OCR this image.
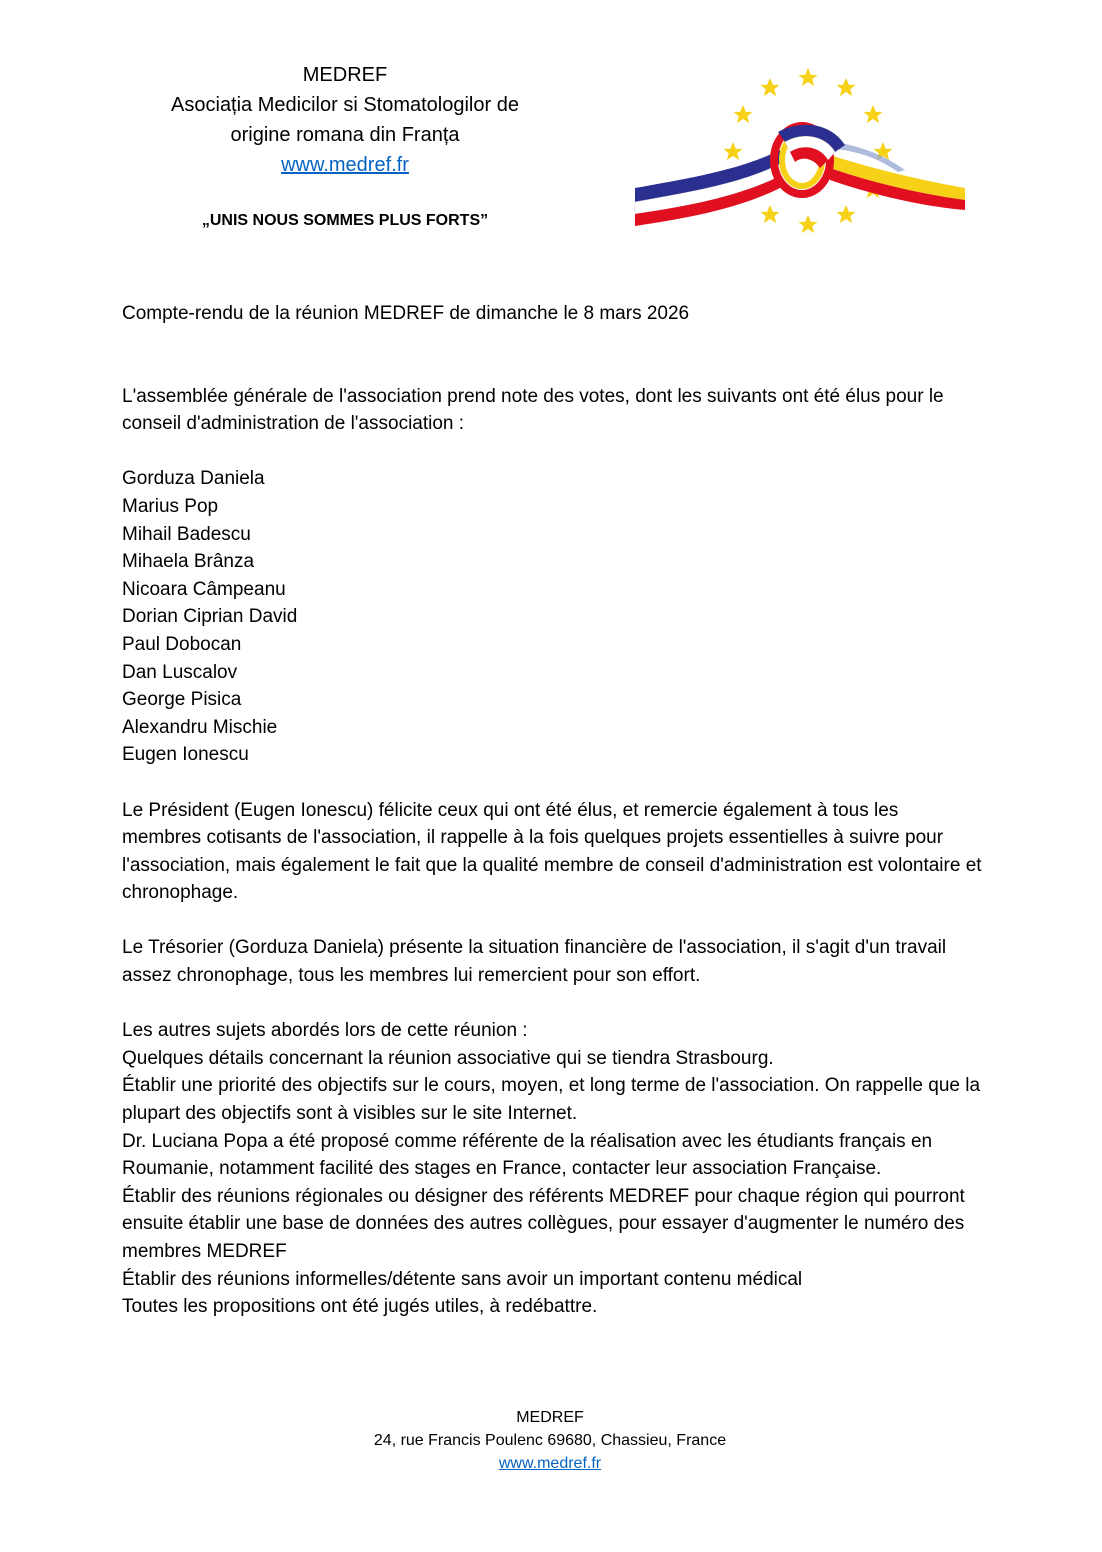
MEDREF
Asociația Medicilor si Stomatologilor de
origine romana din Franța
www.medref.fr
„UNIS NOUS SOMMES PLUS FORTS”

Compte-rendu de la réunion MEDREF de dimanche le 8 mars 2026

L'assemblée générale de l'association prend note des votes, dont les suivants ont été élus pour le conseil d'administration de l'association :

Gorduza Daniela
Marius Pop
Mihail Badescu
Mihaela Brânza
Nicoara Câmpeanu
Dorian Ciprian David
Paul Dobocan
Dan Luscalov
George Pisica
Alexandru Mischie
Eugen Ionescu

Le Président (Eugen Ionescu) félicite ceux qui ont été élus, et remercie également à tous les membres cotisants de l'association, il rappelle à la fois quelques projets essentielles à suivre pour l'association, mais également le fait que la qualité membre de conseil d'administration est volontaire et chronophage.

Le Trésorier (Gorduza Daniela) présente la situation financière de l'association, il s'agit d'un travail assez chronophage, tous les membres lui remercient pour son effort.

Les autres sujets abordés lors de cette réunion :

Quelques détails concernant la réunion associative qui se tiendra Strasbourg.

Établir une priorité des objectifs sur le cours, moyen, et long terme de l'association. On rappelle que la plupart des objectifs sont à visibles sur le site Internet.

Dr. Luciana Popa a été proposé comme référente de la réalisation avec les étudiants français en Roumanie, notamment facilité des stages en France, contacter leur association Française.

Établir des réunions régionales ou désigner des référents MEDREF pour chaque région qui pourront ensuite établir une base de données des autres collègues, pour essayer d'augmenter le numéro des membres MEDREF

Établir des réunions informelles/détente sans avoir un important contenu médical

Toutes les propositions ont été jugés utiles, à redébattre.

MEDREF
24, rue Francis Poulenc 69680, Chassieu, France
www.medref.fr
